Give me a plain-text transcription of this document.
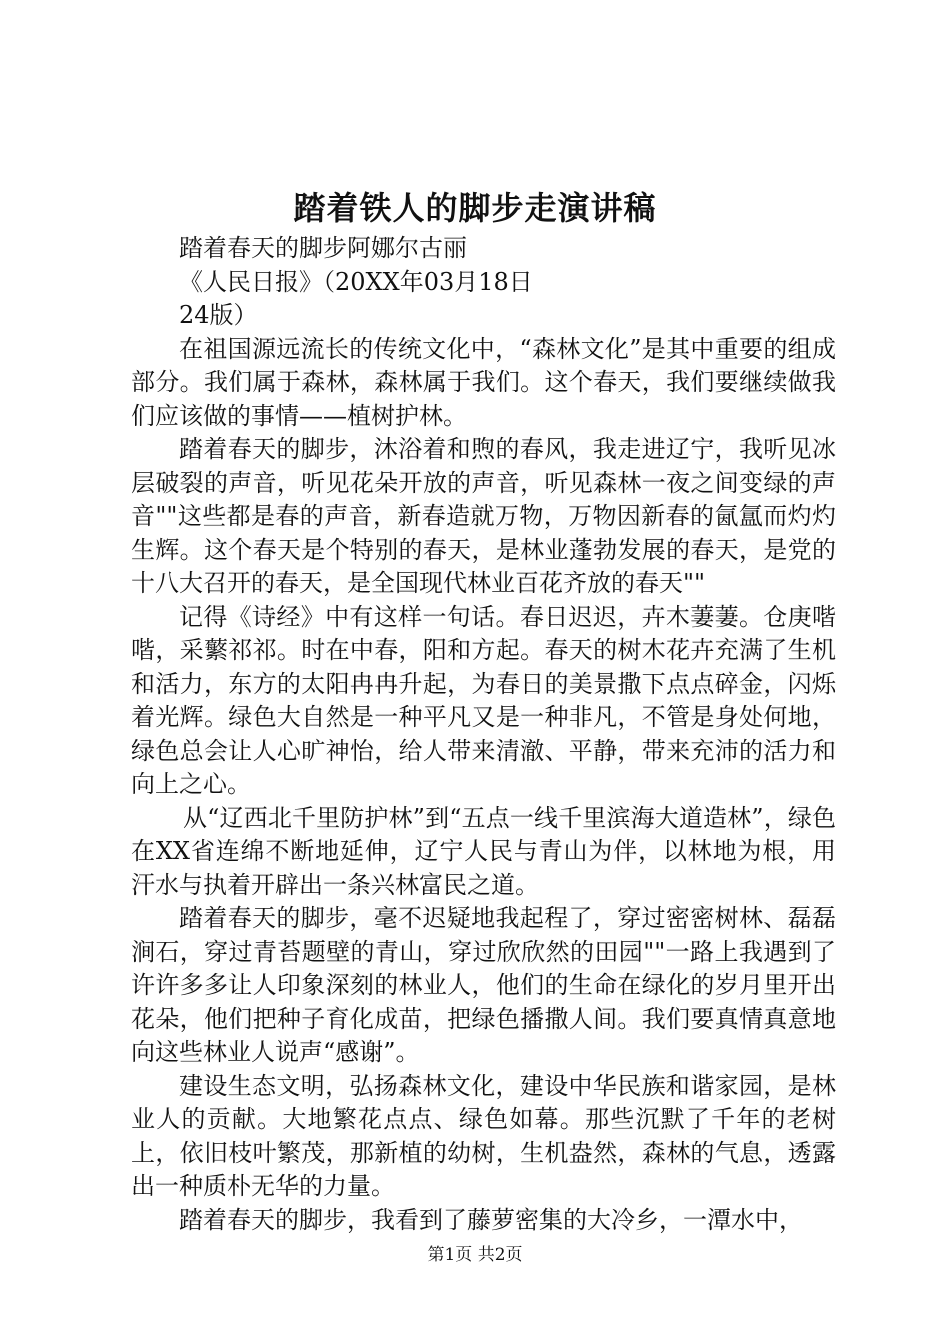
踏着铁人的脚步走演讲稿

踏着春天的脚步阿娜尔古丽

《人民日报》（20XX年03月18日

24版）

在祖国源远流长的传统文化中，“森林文化”是其中重要的组成部分。我们属于森林，森林属于我们。这个春天，我们要继续做我们应该做的事情——植树护林。

踏着春天的脚步，沐浴着和煦的春风，我走进辽宁，我听见冰层破裂的声音，听见花朵开放的声音，听见森林一夜之间变绿的声音""这些都是春的声音，新春造就万物，万物因新春的氤氲而灼灼生辉。这个春天是个特别的春天，是林业蓬勃发展的春天，是党的十八大召开的春天，是全国现代林业百花齐放的春天""

记得《诗经》中有这样一句话。春日迟迟，卉木萋萋。仓庚喈喈，采蘩祁祁。时在中春，阳和方起。春天的树木花卉充满了生机和活力，东方的太阳冉冉升起，为春日的美景撒下点点碎金，闪烁着光辉。绿色大自然是一种平凡又是一种非凡，不管是身处何地，绿色总会让人心旷神怡，给人带来清澈、平静，带来充沛的活力和向上之心。

从“辽西北千里防护林”到“五点一线千里滨海大道造林”，绿色在XX省连绵不断地延伸，辽宁人民与青山为伴，以林地为根，用汗水与执着开辟出一条兴林富民之道。

踏着春天的脚步，毫不迟疑地我起程了，穿过密密树林、磊磊涧石，穿过青苔题壁的青山，穿过欣欣然的田园""一路上我遇到了许许多多让人印象深刻的林业人，他们的生命在绿化的岁月里开出花朵，他们把种子育化成苗，把绿色播撒人间。我们要真情真意地向这些林业人说声“感谢”。

建设生态文明，弘扬森林文化，建设中华民族和谐家园，是林业人的贡献。大地繁花点点、绿色如幕。那些沉默了千年的老树上，依旧枝叶繁茂，那新植的幼树，生机盎然，森林的气息，透露出一种质朴无华的力量。

踏着春天的脚步，我看到了藤萝密集的大冷乡，一潭水中，

第1页 共2页
